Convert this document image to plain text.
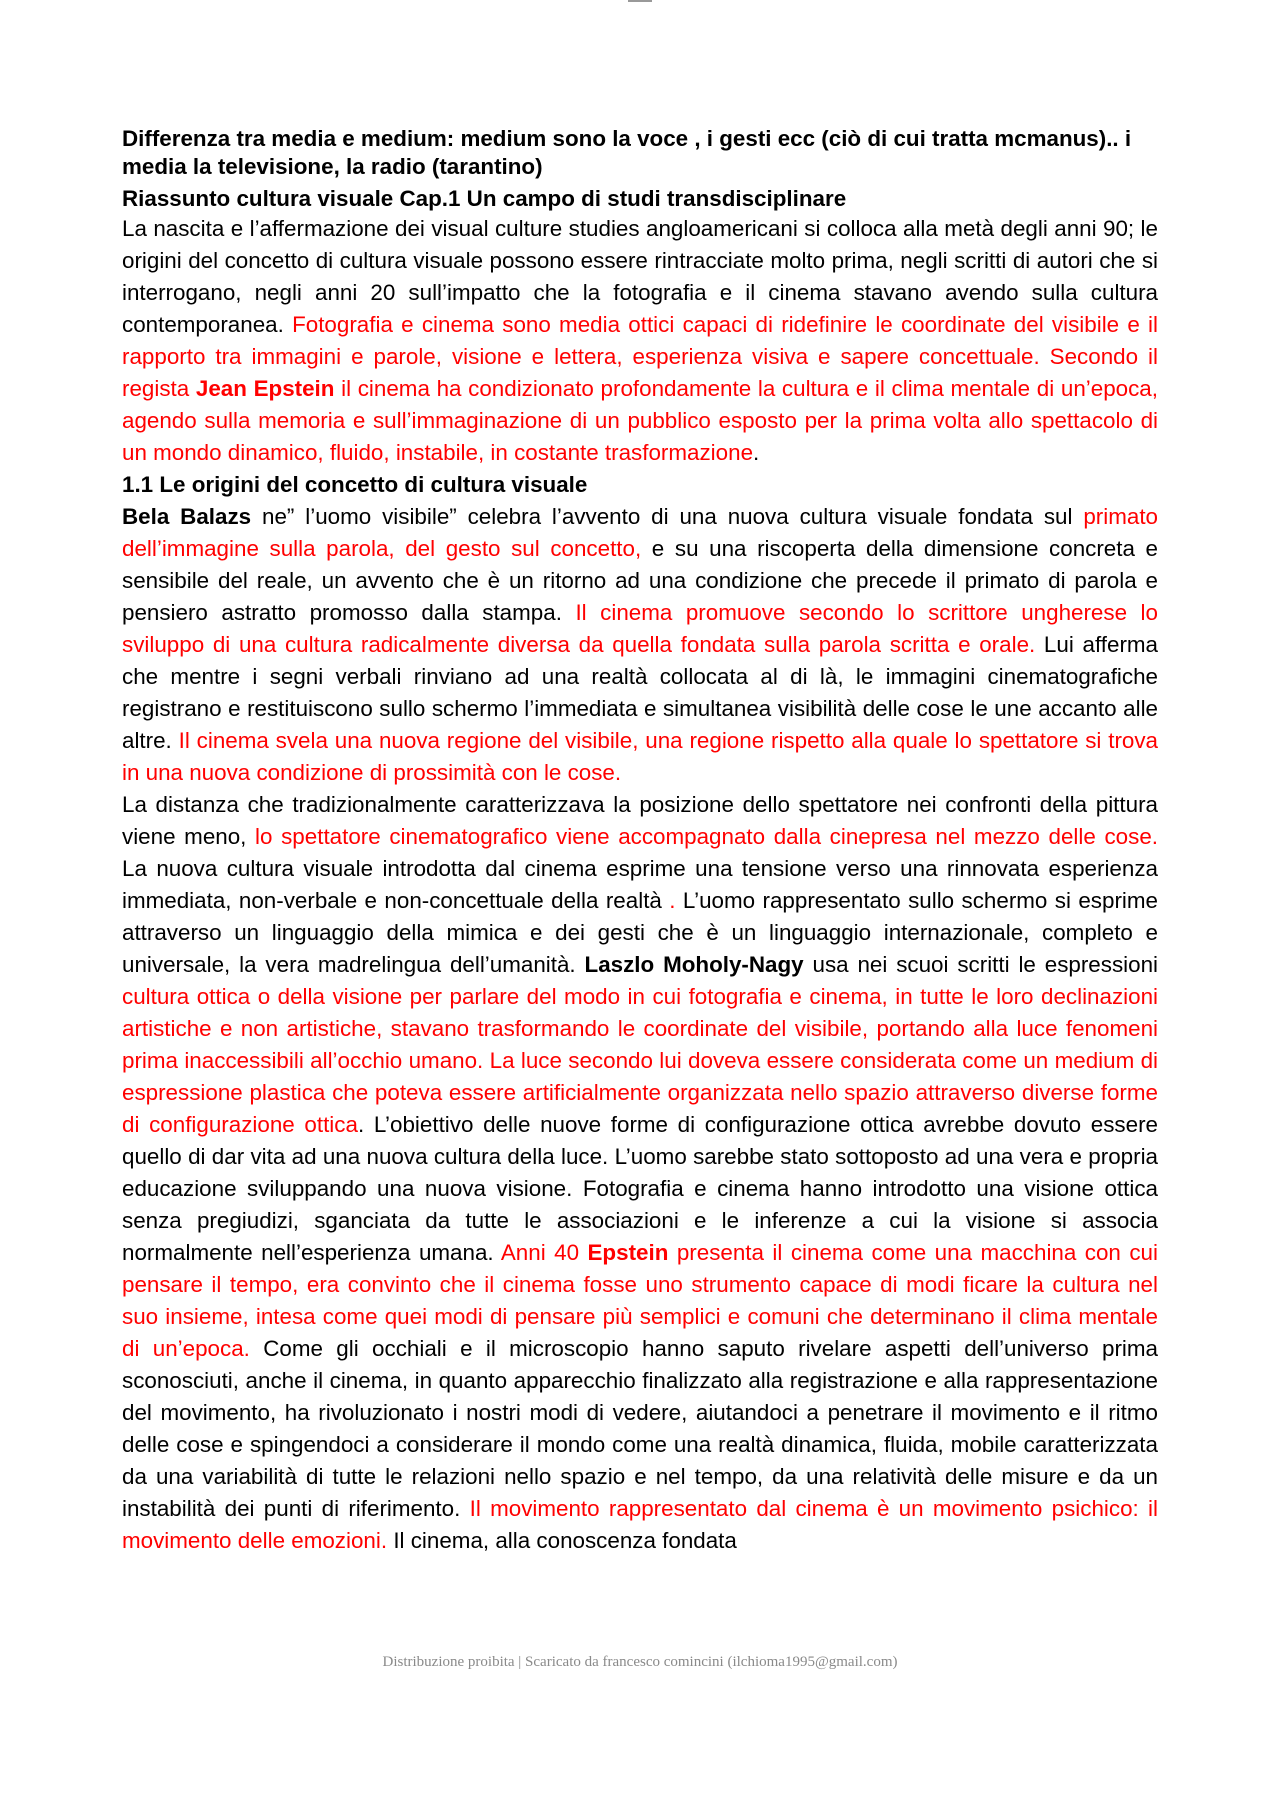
Differenza tra media e medium: medium sono la voce , i gesti ecc (ciò di cui tratta mcmanus).. i media la televisione, la radio (tarantino)

Riassunto cultura visuale Cap.1 Un campo di studi transdisciplinare

La nascita e l’affermazione dei visual culture studies angloamericani si colloca alla metà degli anni 90; le origini del concetto di cultura visuale possono essere rintracciate molto prima, negli scritti di autori che si interrogano, negli anni 20 sull’impatto che la fotografia e il cinema stavano avendo sulla cultura contemporanea. Fotografia e cinema sono media ottici capaci di ridefinire le coordinate del visibile e il rapporto tra immagini e parole, visione e lettera, esperienza visiva e sapere concettuale. Secondo il regista Jean Epstein il cinema ha condizionato profondamente la cultura e il clima mentale di un’epoca, agendo sulla memoria e sull’immaginazione di un pubblico esposto per la prima volta allo spettacolo di un mondo dinamico, fluido, instabile, in costante trasformazione.

1.1 Le origini del concetto di cultura visuale

Bela Balazs ne” l’uomo visibile” celebra l’avvento di una nuova cultura visuale fondata sul primato dell’immagine sulla parola, del gesto sul concetto, e su una riscoperta della dimensione concreta e sensibile del reale, un avvento che è un ritorno ad una condizione che precede il primato di parola e pensiero astratto promosso dalla stampa. Il cinema promuove secondo lo scrittore ungherese lo sviluppo di una cultura radicalmente diversa da quella fondata sulla parola scritta e orale. Lui afferma che mentre i segni verbali rinviano ad una realtà collocata al di là, le immagini cinematografiche registrano e restituiscono sullo schermo l’immediata e simultanea visibilità delle cose le une accanto alle altre. Il cinema svela una nuova regione del visibile, una regione rispetto alla quale lo spettatore si trova in una nuova condizione di prossimità con le cose.

La distanza che tradizionalmente caratterizzava la posizione dello spettatore nei confronti della pittura viene meno, lo spettatore cinematografico viene accompagnato dalla cinepresa nel mezzo delle cose. La nuova cultura visuale introdotta dal cinema esprime una tensione verso una rinnovata esperienza immediata, non-verbale e non-concettuale della realtà . L’uomo rappresentato sullo schermo si esprime attraverso un linguaggio della mimica e dei gesti che è un linguaggio internazionale, completo e universale, la vera madrelingua dell’umanità. Laszlo Moholy-Nagy usa nei scuoi scritti le espressioni cultura ottica o della visione per parlare del modo in cui fotografia e cinema, in tutte le loro declinazioni artistiche e non artistiche, stavano trasformando le coordinate del visibile, portando alla luce fenomeni prima inaccessibili all’occhio umano. La luce secondo lui doveva essere considerata come un medium di espressione plastica che poteva essere artificialmente organizzata nello spazio attraverso diverse forme di configurazione ottica. L’obiettivo delle nuove forme di configurazione ottica avrebbe dovuto essere quello di dar vita ad una nuova cultura della luce. L’uomo sarebbe stato sottoposto ad una vera e propria educazione sviluppando una nuova visione. Fotografia e cinema hanno introdotto una visione ottica senza pregiudizi, sganciata da tutte le associazioni e le inferenze a cui la visione si associa normalmente nell’esperienza umana. Anni 40 Epstein presenta il cinema come una macchina con cui pensare il tempo, era convinto che il cinema fosse uno strumento capace di modi ficare la cultura nel suo insieme, intesa come quei modi di pensare più semplici e comuni che determinano il clima mentale di un’epoca. Come gli occhiali e il microscopio hanno saputo rivelare aspetti dell’universo prima sconosciuti, anche il cinema, in quanto apparecchio finalizzato alla registrazione e alla rappresentazione del movimento, ha rivoluzionato i nostri modi di vedere, aiutandoci a penetrare il movimento e il ritmo delle cose e spingendoci a considerare il mondo come una realtà dinamica, fluida, mobile caratterizzata da una variabilità di tutte le relazioni nello spazio e nel tempo, da una relatività delle misure e da un instabilità dei punti di riferimento. Il movimento rappresentato dal cinema è un movimento psichico: il movimento delle emozioni. Il cinema, alla conoscenza fondata

Distribuzione proibita | Scaricato da francesco comincini (ilchioma1995@gmail.com)
